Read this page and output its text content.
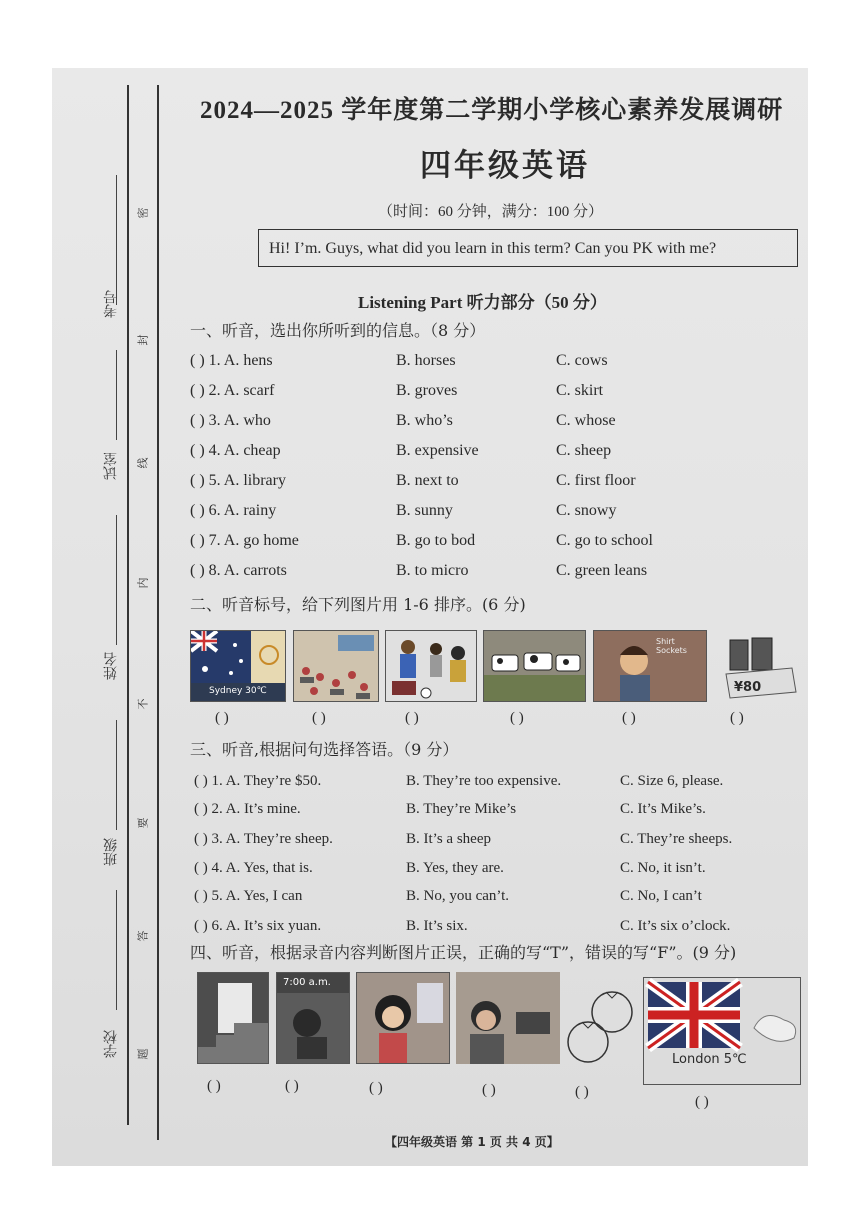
考号
试室
姓名
班级
学校
密
封
线
内
不
要
答
题
2024—2025 学年度第二学期小学核心素养发展调研
四年级英语
（时间：60 分钟，满分：100 分）
Hi! I’m. Guys, what did you learn in this term? Can you PK with me?
Listening Part 听力部分（50 分）
一、听音，选出你所听到的信息。（8 分）
( ) 1. A. hens	B. horses	C. cows
( ) 2. A. scarf	B. groves	C. skirt
( ) 3. A. who	B. who’s	C. whose
( ) 4. A. cheap	B. expensive	C. sheep
( ) 5. A. library	B. next to	C. first floor
( ) 6. A. rainy	B. sunny	C. snowy
( ) 7. A. go home	B. go to bod	C. go to school
( ) 8. A. carrots	B. to micro	C. green leans
二、听音标号，给下列图片用 1-6 排序。(6 分)
Sydney 30℃
Shirt Sockets
¥80
( )	( )	( )	( )	( )	( )
三、听音,根据问句选择答语。（9 分）
( ) 1. A. They’re $50.	B. They’re too expensive.	C. Size 6, please.
( ) 2. A. It’s mine.	B. They’re Mike’s	C. It’s Mike’s.
( ) 3. A. They’re sheep.	B. It’s a sheep	C. They’re sheeps.
( ) 4. A. Yes, that is.	B. Yes, they are.	C. No, it isn’t.
( ) 5. A. Yes, I can	B. No, you can’t.	C. No, I can’t
( ) 6. A. It’s six yuan.	B. It’s six.	C. It’s six o’clock.
四、听音，根据录音内容判断图片正误，正确的写“T”，错误的写“F”。(9 分)
7:00 a.m.
London 5℃
( )	( )	( )	( )	( )
( )
【四年级英语 第 1 页 共 4 页】
